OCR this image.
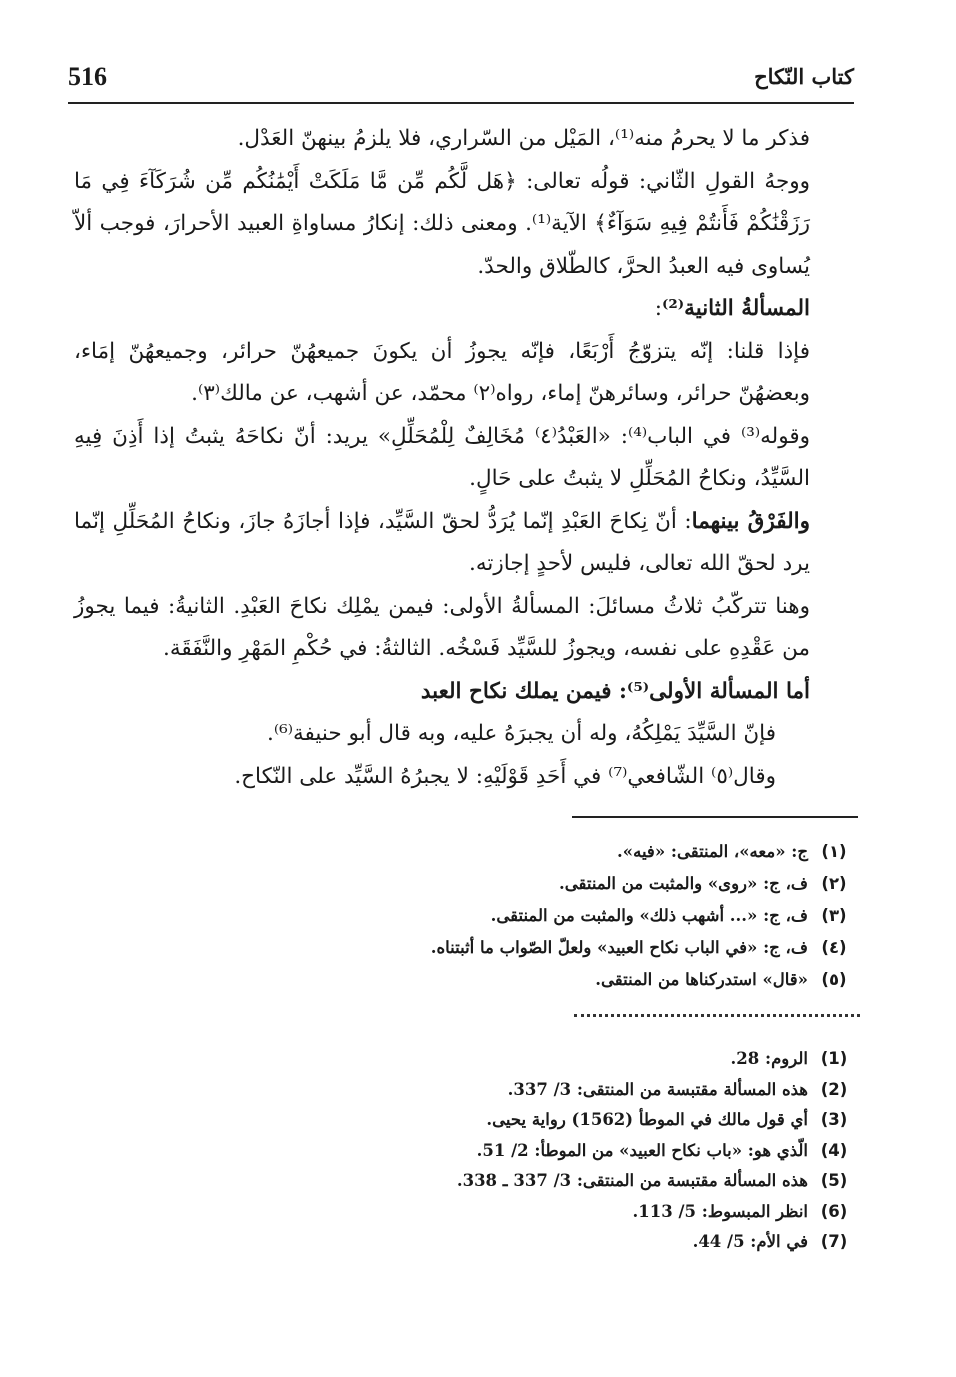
516	كتاب النّكاح

فذكر ما لا يحرمُ منه⁽¹⁾، المَيْل من السّراري، فلا يلزمُ بينهنّ العَدْل.

ووجهُ القولِ الثّاني: قولُه تعالى: ﴿هَل لَّكُم مِّن مَّا مَلَكَتْ أَيْمَٰنُكُم مِّن شُرَكَآءَ فِي مَا رَزَقْنَٰكُمْ فَأَنتُمْ فِيهِ سَوَآءٌ﴾ الآية⁽¹⁾. ومعنى ذلك: إنكارُ مساواةِ العبيد الأحرارَ، فوجب ألاّ يُساوى فيه العبدُ الحرَّ، كالطّلاق والحدّ.

المسألةُ الثانية⁽²⁾:

فإذا قلنا: إنّه يتزوّجُ أَرْبَعًا، فإنّه يجوزُ أن يكونَ جميعهُنّ حرائر، وجميعهُنّ إمَاء، وبعضهُنّ حرائر، وسائرهنّ إماء، رواه⁽٢⁾ محمّد، عن أشهب، عن مالك⁽٣⁾.

وقوله⁽³⁾ في الباب⁽⁴⁾: «العَبْدُ⁽٤⁾ مُخَالِفٌ لِلْمُحَلِّلِ» يريد: أنّ نكاحَهُ يثبتُ إذا أَذِنَ فِيهِ السَّيِّدُ، ونكاحُ المُحَلِّلِ لا يثبتُ على حَالٍ.

والفَرْقُ بينهما: أنّ نِكاحَ العَبْدِ إنّما يُرَدُّ لحقّ السَّيِّد، فإذا أجازَهُ جازَ، ونكاحُ المُحَلِّلِ إنّما يرد لحقّ الله تعالى، فليس لأحدٍ إجازته.

وهنا تتركّبُ ثلاثُ مسائلَ: المسألةُ الأولى: فيمن يمْلِك نكاحَ العَبْدِ. الثانيةُ: فيما يجوزُ من عَقْدِهِ على نفسه، ويجوزُ للسَّيِّد فَسْخُه. الثالثةُ: في حُكْمِ المَهْرِ والنَّفَقَة.

أما المسألة الأولى⁽⁵⁾: فيمن يملك نكاح العبد

فإنّ السَّيِّدَ يَمْلِكُهُ، وله أن يجبرَهُ عليه، وبه قال أبو حنيفة⁽⁶⁾.

وقال⁽٥⁾ الشّافعي⁽⁷⁾ في أَحَدِ قَوْلَيْهِ: لا يجبرُهُ السَّيِّد على النّكاح.

(١)
ج: «معه»، المنتقى: «فيه».
(٢)
ف، ج: «روى» والمثبت من المنتقى.
(٣)
ف، ج: «... أشهب ذلك» والمثبت من المنتقى.
(٤)
ف، ج: «في الباب نكاح العبيد» ولعلّ الصّواب ما أثبتناه.
(٥)
«قال» استدركناها من المنتقى.
(1)
الروم: 28.
(2)
هذه المسألة مقتبسة من المنتقى: 3/ 337.
(3)
أي قول مالك في الموطأ (1562) رواية يحيى.
(4)
الّذي هو: «باب نكاح العبيد» من الموطأ: 2/ 51.
(5)
هذه المسألة مقتبسة من المنتقى: 3/ 337 ـ 338.
(6)
انظر المبسوط: 5/ 113.
(7)
في الأم: 5/ 44.
